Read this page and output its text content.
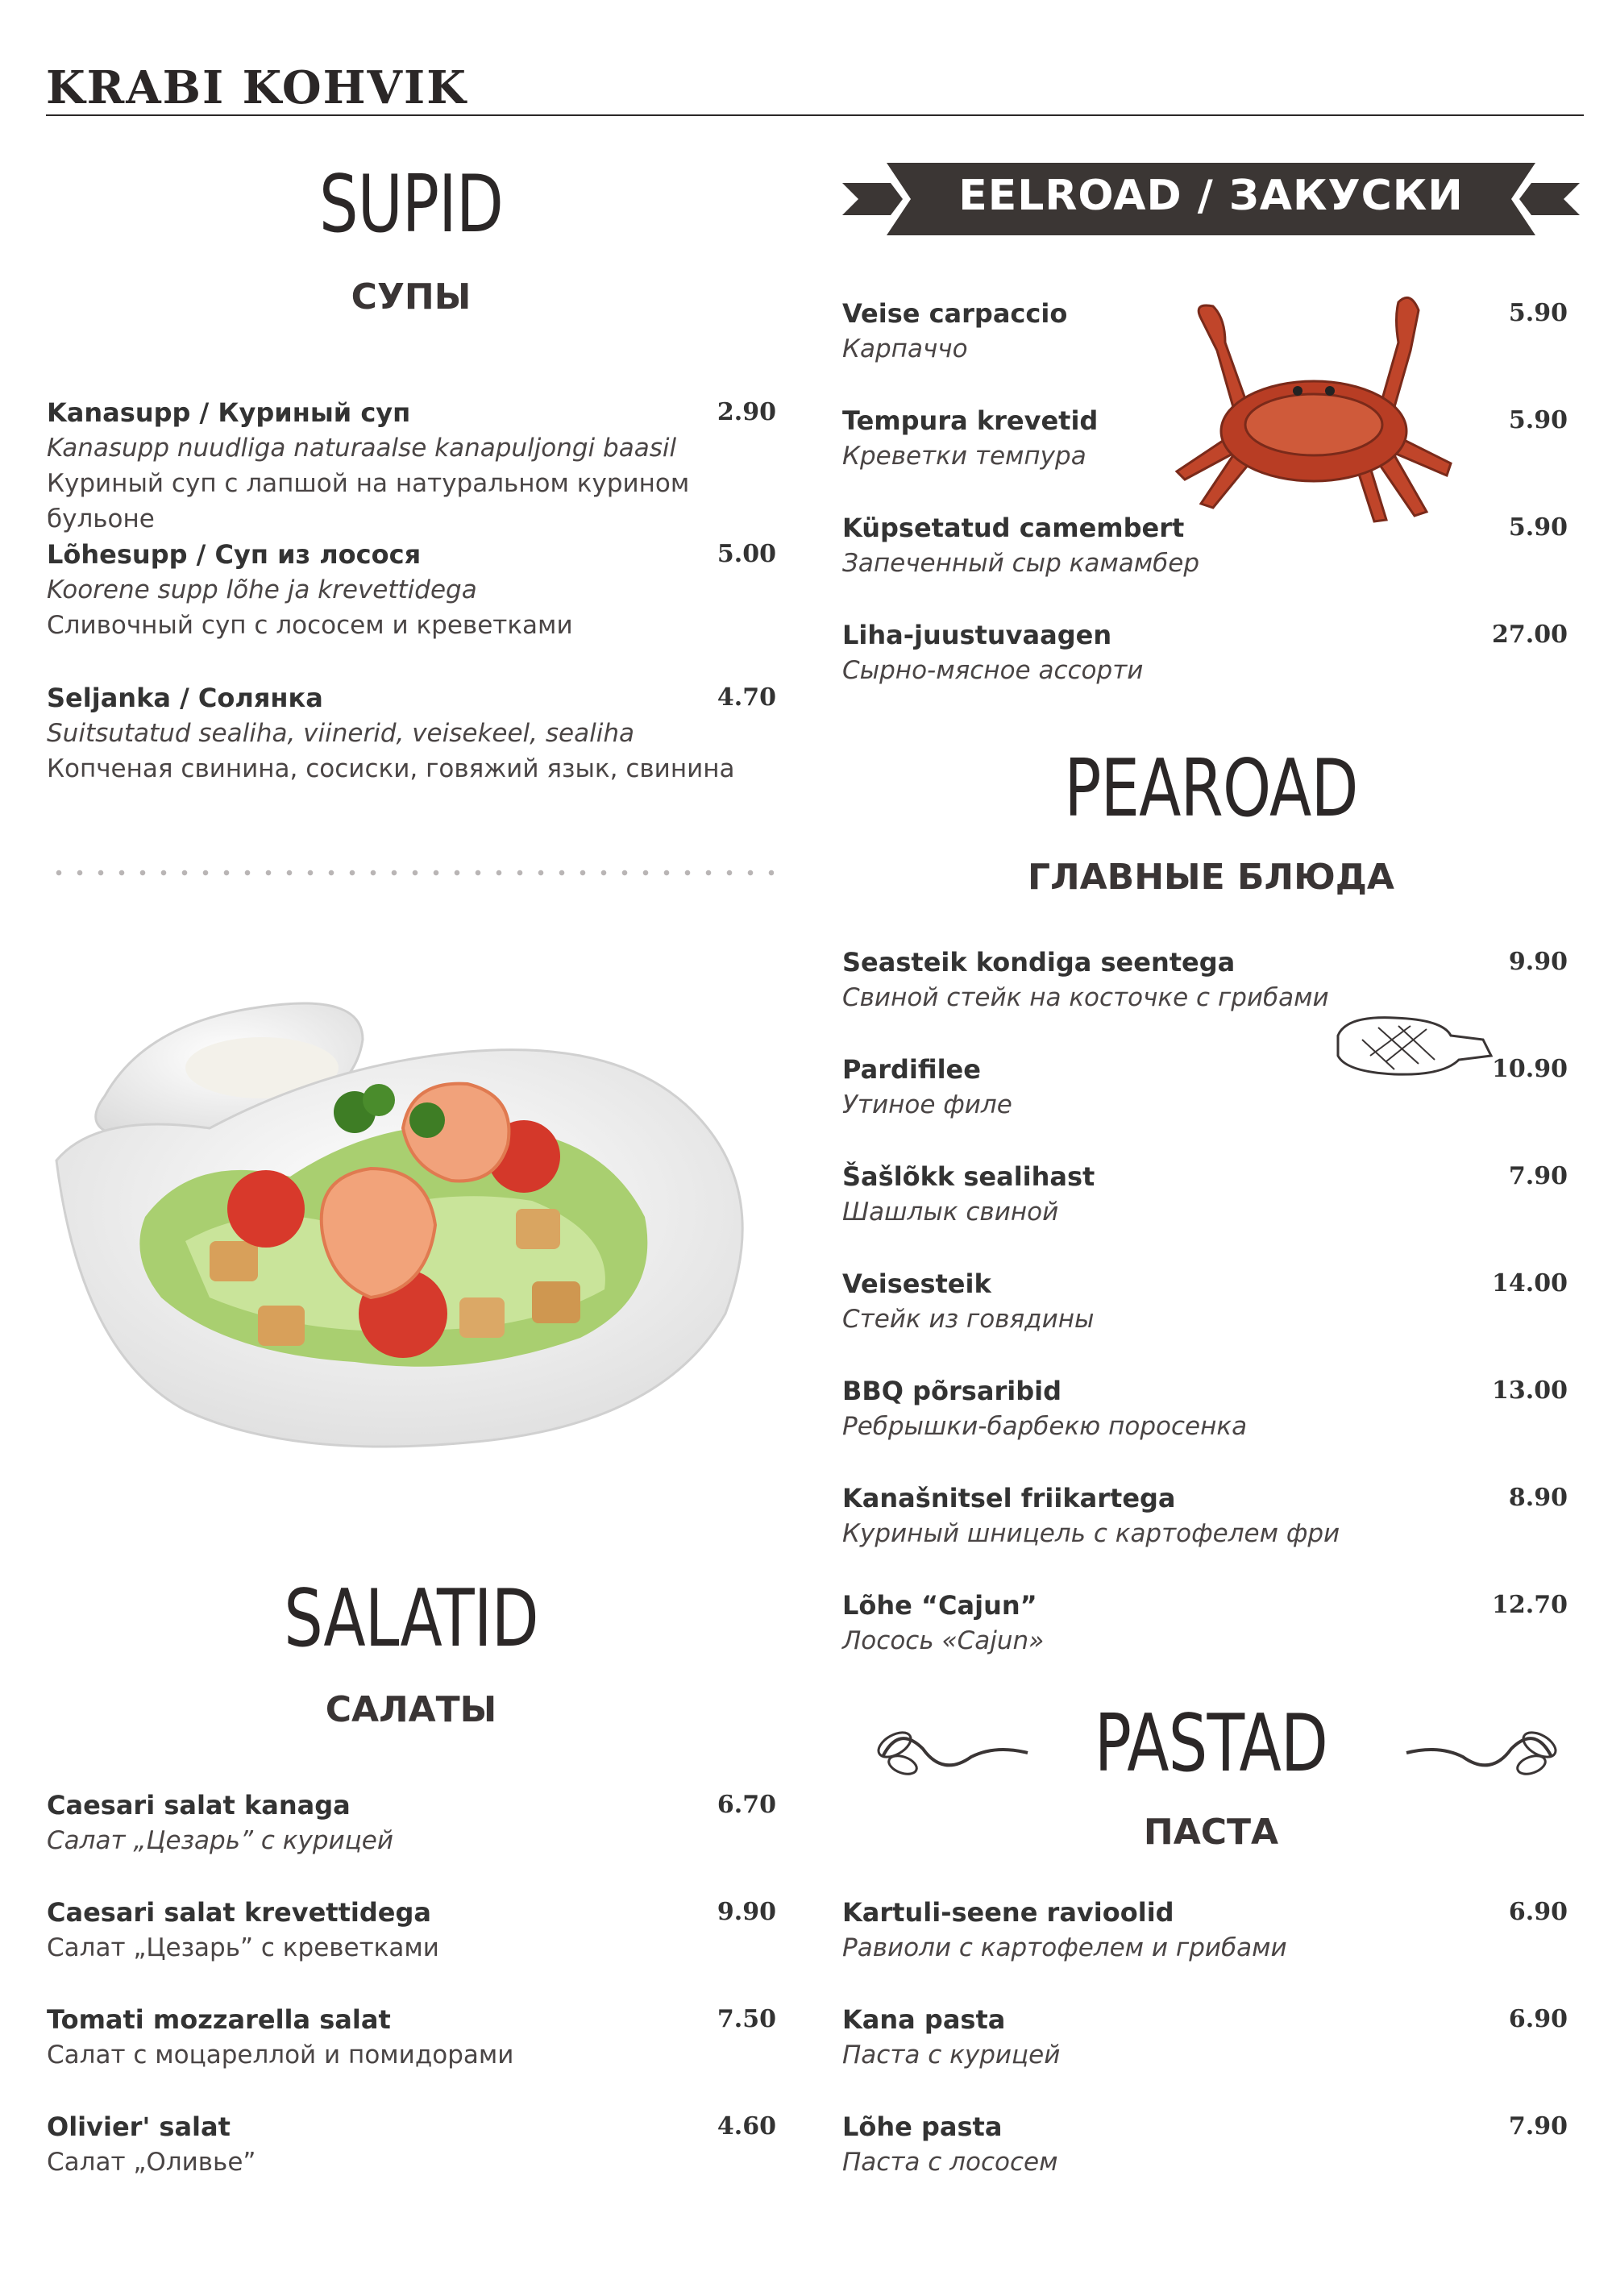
KRABI KOHVIK
SUPID
СУПЫ
Kanasupp / Куриный суп	2.90
Kanasupp nuudliga naturaalse kanapuljongi baasil
Куриный суп с лапшой на натуральном курином бульоне
Lõhesupp / Суп из лосося	5.00
Koorene supp lõhe ja krevettidega
Сливочный суп с лососем и креветками
Seljanka / Солянка	4.70
Suitsutatud sealiha, viinerid, veisekeel, sealiha
Копченая свинина, сосиски, говяжий язык, свинина
SALATID
САЛАТЫ
Caesari salat kanaga	6.70
Салат „Цезарь” с курицей
Caesari salat krevettidega	9.90
Салат „Цезарь” с креветками
Tomati mozzarella salat	7.50
Салат с моцареллой и помидорами
Olivier' salat	4.60
Салат „Оливье”
EELROAD / ЗАКУСКИ
Veise carpaccio	5.90
Карпаччо
Tempura krevetid	5.90
Креветки темпура
Küpsetatud camembert	5.90
Запеченный сыр камамбер
Liha-juustuvaagen	27.00
Сырно-мясное ассорти
PEAROAD
ГЛАВНЫЕ БЛЮДА
Seasteik kondiga seentega	9.90
Свиной стейк на косточке с грибами
Pardifilee	10.90
Утиное филе
Šašlõkk sealihast	7.90
Шашлык свиной
Veisesteik	14.00
Стейк из говядины
BBQ põrsaribid	13.00
Ребрышки-барбекю поросенка
Kanašnitsel friikartega	8.90
Куриный шницель с картофелем фри
Lõhe “Cajun”	12.70
Лосось «Cajun»
PASTAD
ПАСТА
Kartuli-seene ravioolid	6.90
Равиоли с картофелем и грибами
Kana pasta	6.90
Паста с курицей
Lõhe pasta	7.90
Паста с лососем
